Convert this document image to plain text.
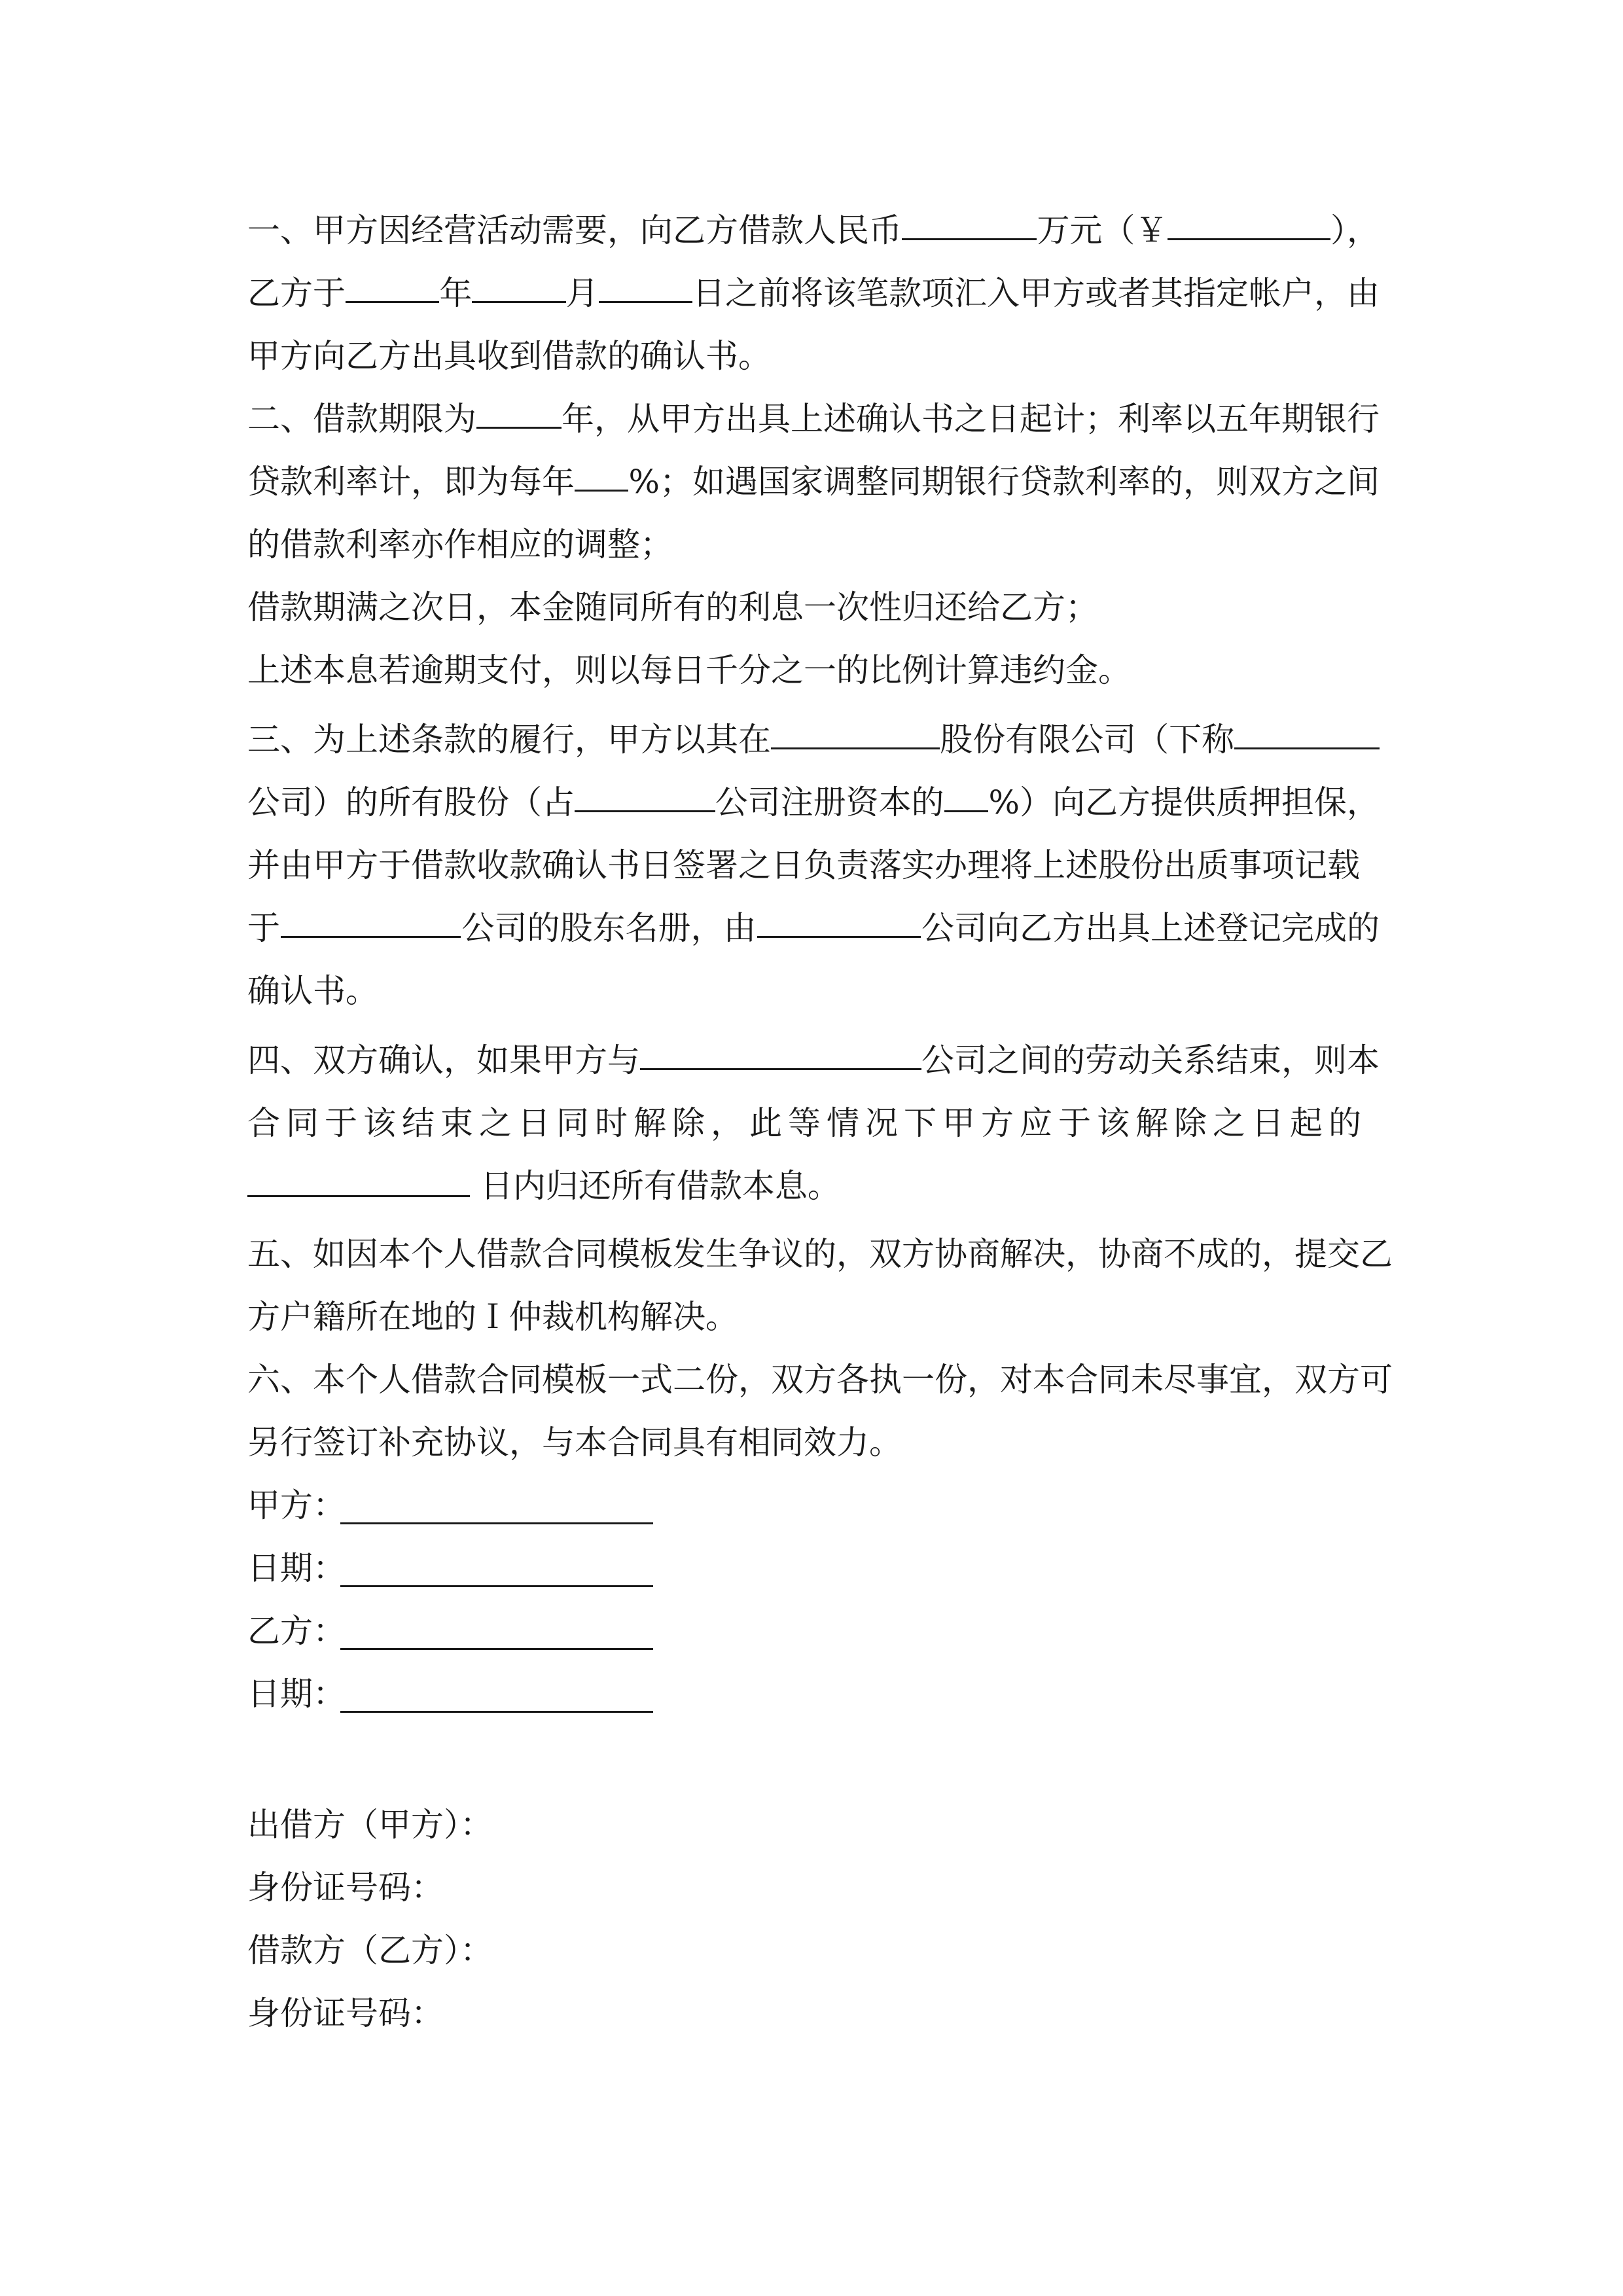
一、甲方因经营活动需要，向乙方借款人民币	万元（￥	），
乙方于	年	月	日之前将该笔款项汇入甲方或者其指定帐户，由
甲方向乙方出具收到借款的确认书。
二、借款期限为	年，从甲方出具上述确认书之日起计；利率以五年期银行
贷款利率计，即为每年 %；如遇国家调整同期银行贷款利率的，则双方之间
的借款利率亦作相应的调整；
借款期满之次日，本金随同所有的利息一次性归还给乙方；
上述本息若逾期支付，则以每日千分之一的比例计算违约金。
三、为上述条款的履行，甲方以其在	股份有限公司（下称
公司）的所有股份（占	公司注册资本的 %）向乙方提供质押担保，
并由甲方于借款收款确认书日签署之日负责落实办理将上述股份出质事项记载
于	公司的股东名册，由	公司向乙方出具上述登记完成的
确认书。
四、双方确认，如果甲方与	公司之间的劳动关系结束，则本
合同于该结束之日同时解除，此等情况下甲方应于该解除之日起的
日内归还所有借款本息。
五、如因本个人借款合同模板发生争议的，双方协商解决，协商不成的，提交乙
方户籍所在地的Ｉ仲裁机构解决。
六、本个人借款合同模板一式二份，双方各执一份，对本合同未尽事宜，双方可
另行签订补充协议，与本合同具有相同效力。
甲方：
日期：
乙方：
日期：
出借方（甲方）：
身份证号码：
借款方（乙方）：
身份证号码：
